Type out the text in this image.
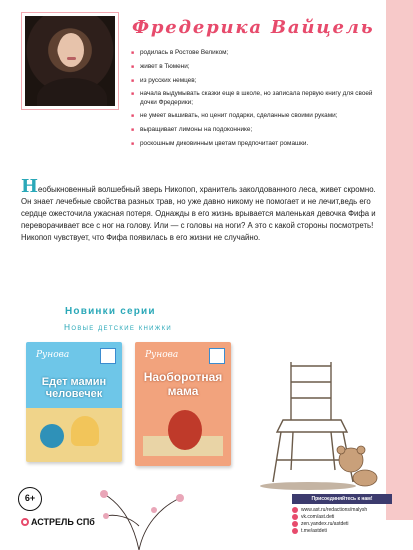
Фредерика Вайцель
■ родилась в Ростове Великом;
■ живет в Тюмени;
■ из русских немцев;
■ начала выдумывать сказки еще в школе, но записала первую книгу для своей дочки Фредерики;
■ не умеет вышивать, но ценит подарки, сделанные своими руками;
■ выращивает лимоны на подоконнике;
■ роскошным диковинным цветам предпочитает ромашки.

Необыкновенный волшебный зверь Никопоп, хранитель заколдованного леса, живет скромно. Он знает лечебные свойства разных трав, но уже давно никому не помогает и не лечит,ведь его сердце ожесточила ужасная потеря. Однажды в его жизнь врывается маленькая девочка Фифа и переворачивает все с ног на голову. Или — с головы на ноги? А это с какой стороны посмотреть! Никопоп чувствует, что Фифа появилась в его жизни не случайно.

Новинки серии
Новые детские книжки
Рунова
Едет мамин человечек
Рунова
Наоборотная мама
6+
АСТРЕЛЬ СПб
Присоединяйтесь к нам!
www.ast.ru/redactions/malysh
vk.com/ast.deti
zen.yandex.ru/astdeti
t.me/astdeti
